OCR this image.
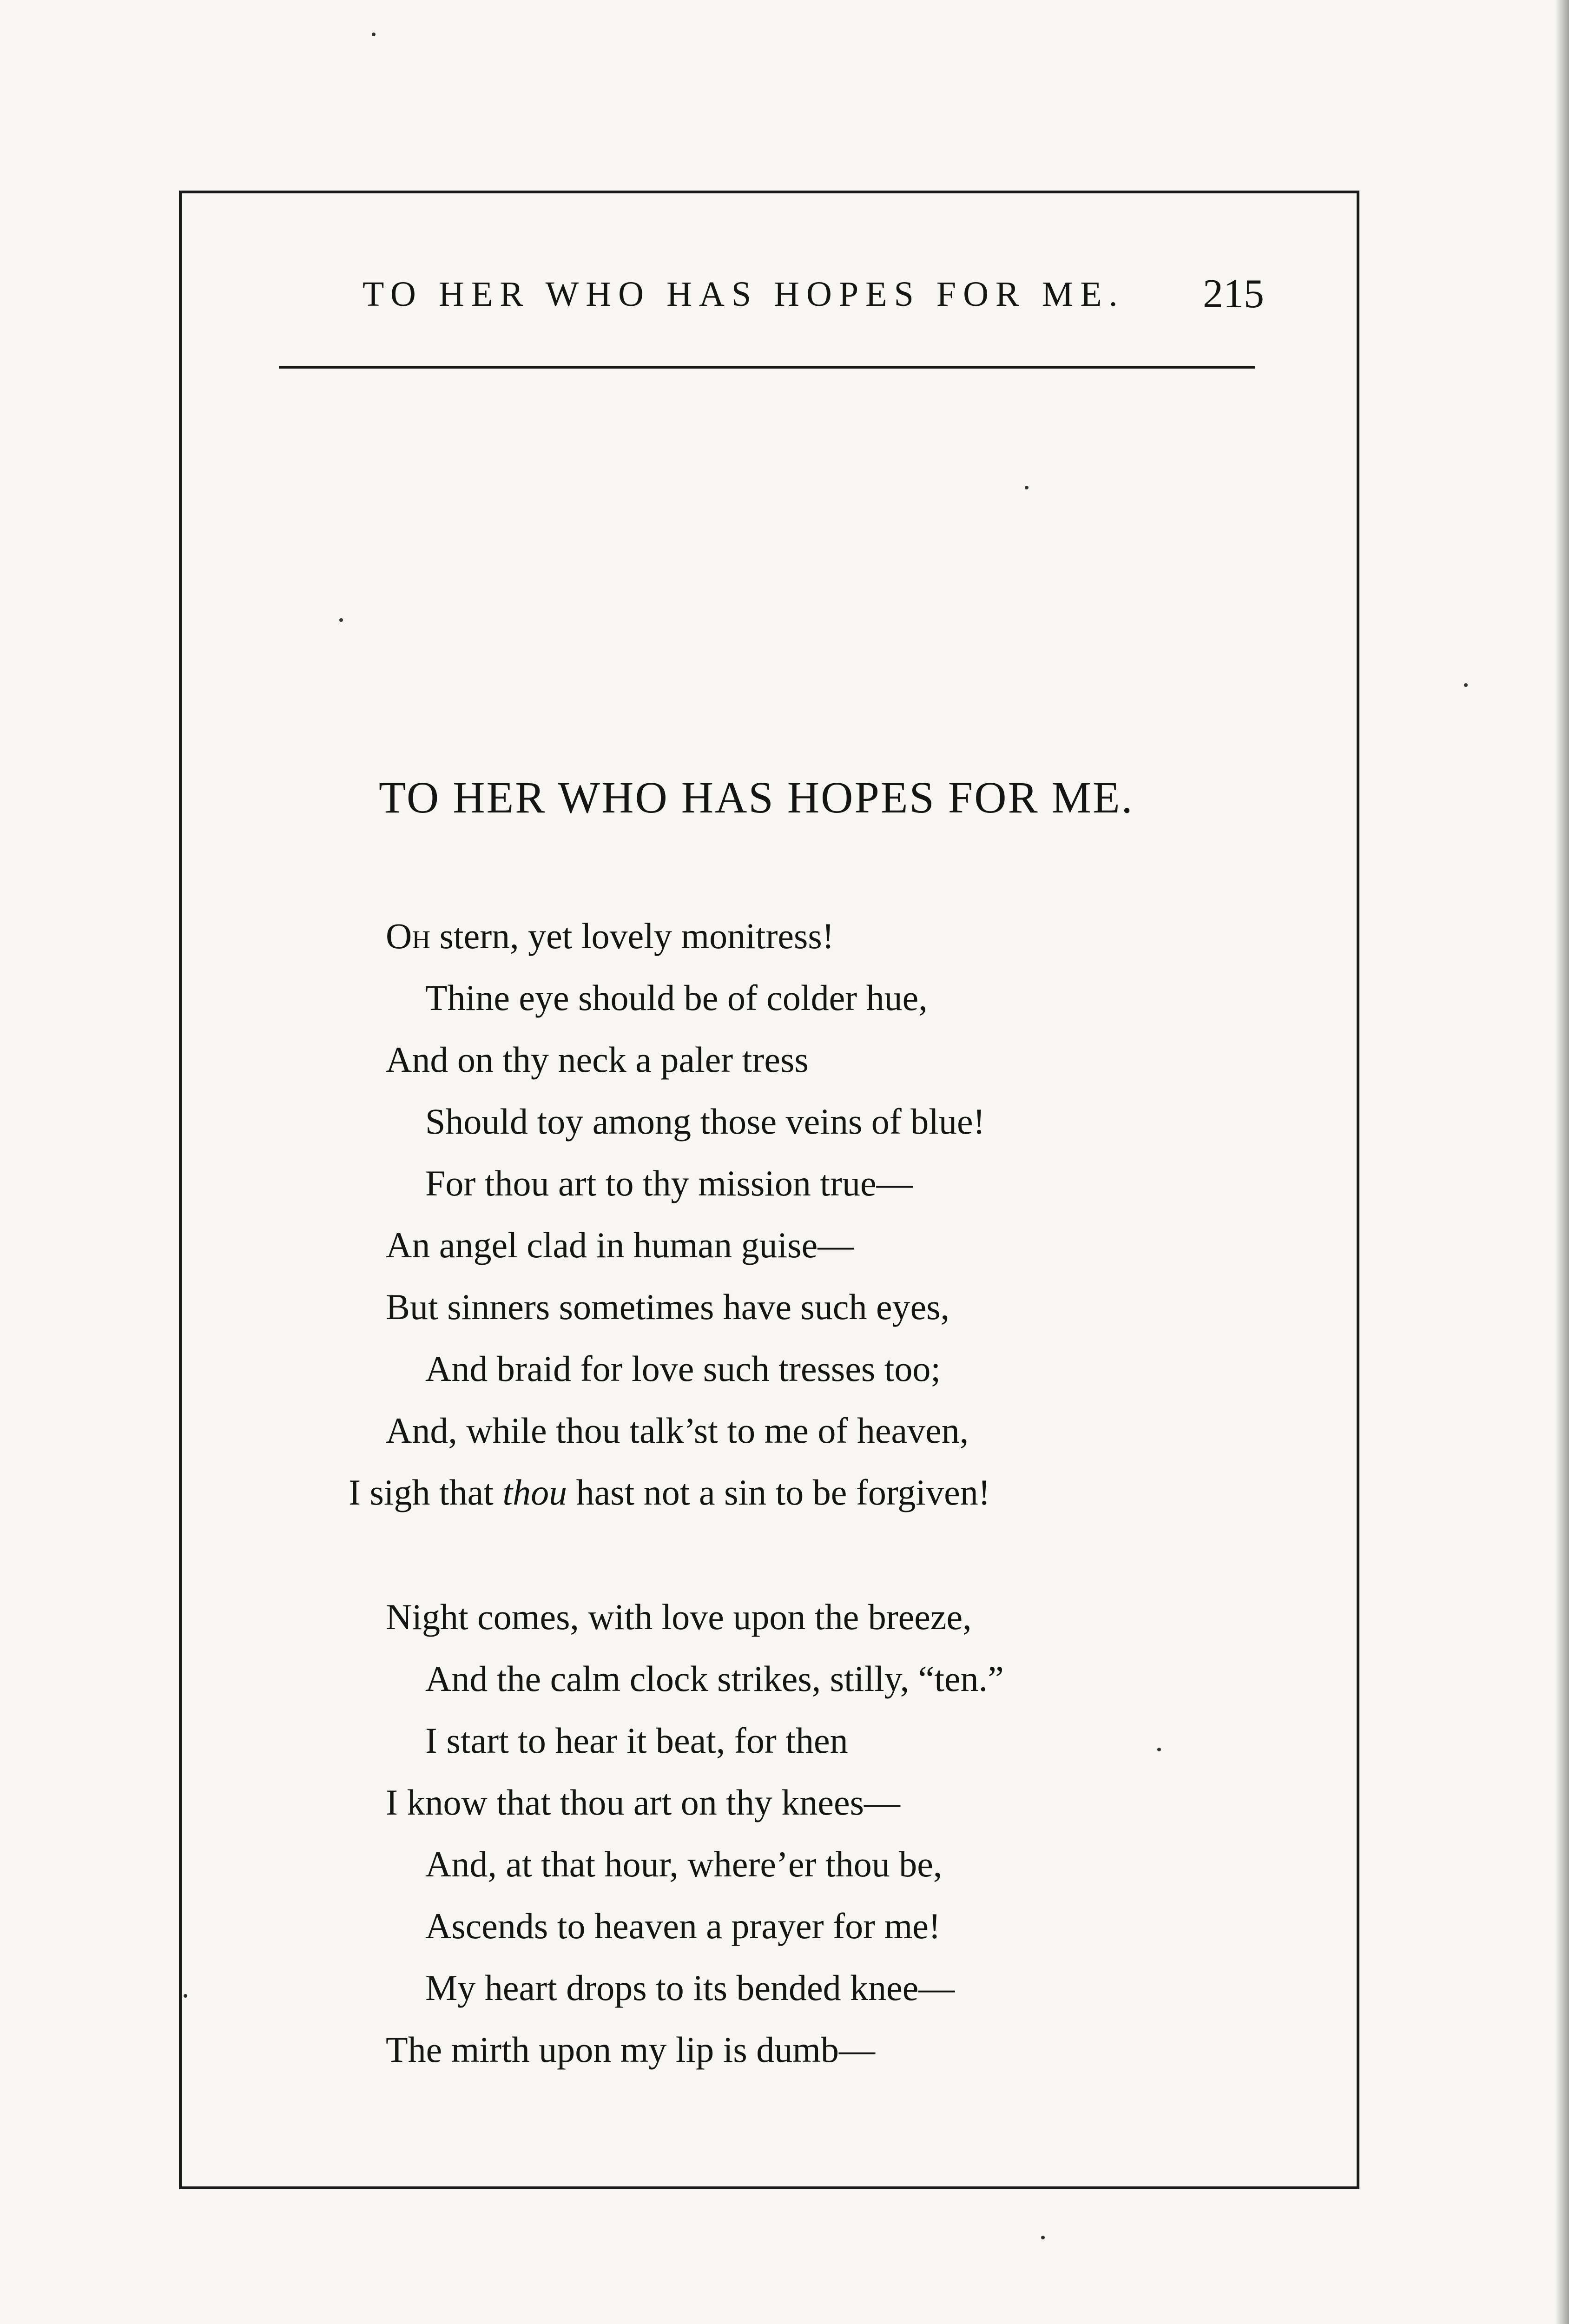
TO HER WHO HAS HOPES FOR ME. 215
TO HER WHO HAS HOPES FOR ME.
Oh stern, yet lovely monitress!
Thine eye should be of colder hue,
And on thy neck a paler tress
Should toy among those veins of blue!
For thou art to thy mission true—
An angel clad in human guise—
But sinners sometimes have such eyes,
And braid for love such tresses too;
And, while thou talk’st to me of heaven,
I sigh that thou hast not a sin to be forgiven!
Night comes, with love upon the breeze,
And the calm clock strikes, stilly, “ten.”
I start to hear it beat, for then
I know that thou art on thy knees—
And, at that hour, where’er thou be,
Ascends to heaven a prayer for me!
My heart drops to its bended knee—
The mirth upon my lip is dumb—
